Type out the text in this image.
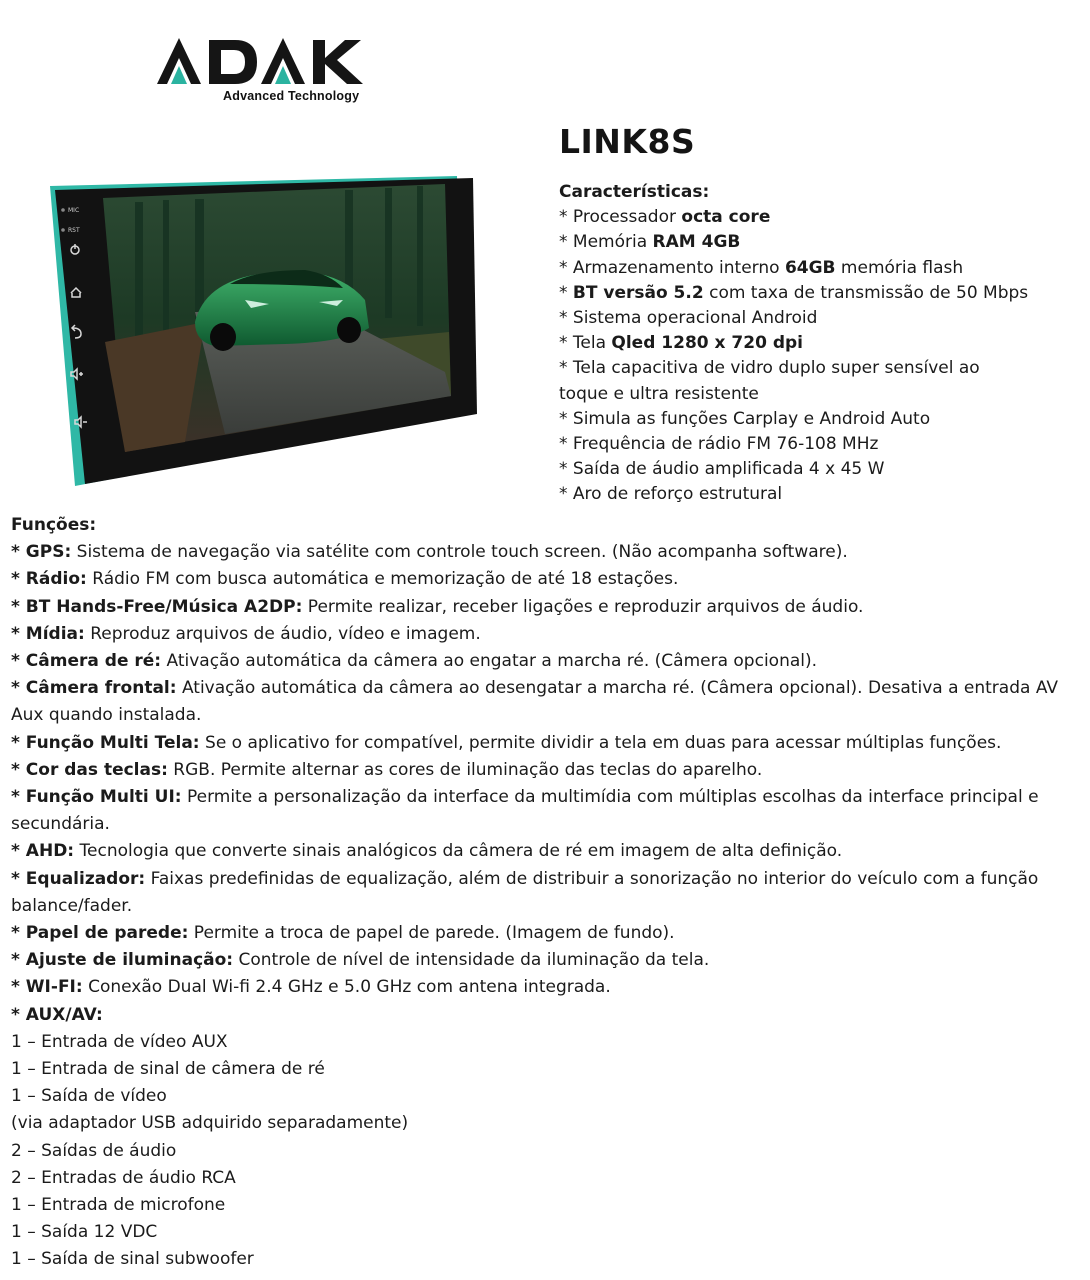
Advanced Technology
LINK8S
MIC
RST
Características:
* Processador octa core
* Memória RAM 4GB
* Armazenamento interno 64GB memória flash
* BT versão 5.2 com taxa de transmissão de 50 Mbps
* Sistema operacional Android
* Tela Qled 1280 x 720 dpi
* Tela capacitiva de vidro duplo super sensível ao toque e ultra resistente
* Simula as funções Carplay e Android Auto
* Frequência de rádio FM 76-108 MHz
* Saída de áudio amplificada 4 x 45 W
* Aro de reforço estrutural
Funções:
* GPS: Sistema de navegação via satélite com controle touch screen. (Não acompanha software).
* Rádio: Rádio FM com busca automática e memorização de até 18 estações.
* BT Hands-Free/Música A2DP: Permite realizar, receber ligações e reproduzir arquivos de áudio.
* Mídia: Reproduz arquivos de áudio, vídeo e imagem.
* Câmera de ré: Ativação automática da câmera ao engatar a marcha ré. (Câmera opcional).
* Câmera frontal: Ativação automática da câmera ao desengatar a marcha ré. (Câmera opcional). Desativa a entrada AV Aux quando instalada.
* Função Multi Tela: Se o aplicativo for compatível, permite dividir a tela em duas para acessar múltiplas funções.
* Cor das teclas: RGB. Permite alternar as cores de iluminação das teclas do aparelho.
* Função Multi UI: Permite a personalização da interface da multimídia com múltiplas escolhas da interface principal e secundária.
* AHD: Tecnologia que converte sinais analógicos da câmera de ré em imagem de alta definição.
* Equalizador: Faixas predefinidas de equalização, além de distribuir a sonorização no interior do veículo com a função balance/fader.
* Papel de parede: Permite a troca de papel de parede. (Imagem de fundo).
* Ajuste de iluminação: Controle de nível de intensidade da iluminação da tela.
* WI-FI: Conexão Dual Wi-fi 2.4 GHz e 5.0 GHz com antena integrada.
* AUX/AV:
1 – Entrada de vídeo AUX
1 – Entrada de sinal de câmera de ré
1 – Saída de vídeo
(via adaptador USB adquirido separadamente)
2 – Saídas de áudio
2 – Entradas de áudio RCA
1 – Entrada de microfone
1 – Saída 12 VDC
1 – Saída de sinal subwoofer
